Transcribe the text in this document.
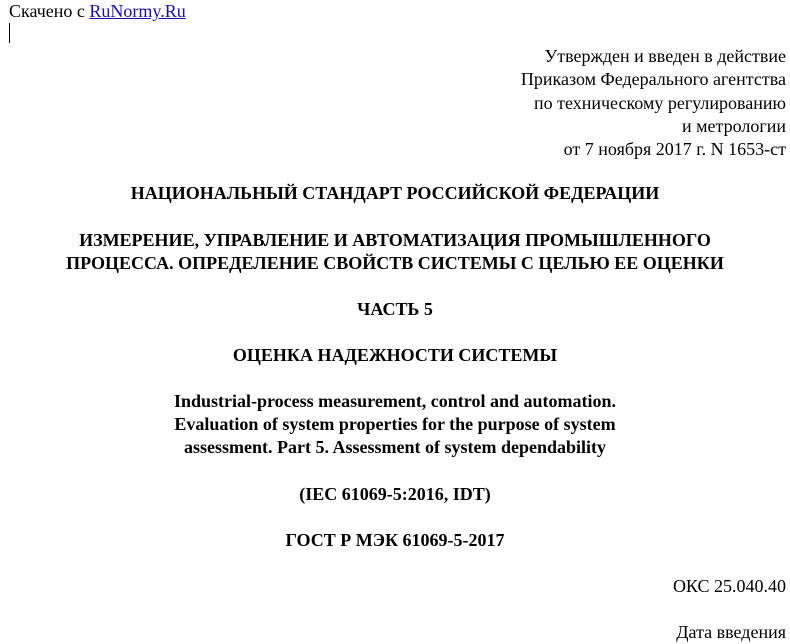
Скачено с RuNormy.Ru
Утвержден и введен в действие
Приказом Федерального агентства
по техническому регулированию
и метрологии
от 7 ноября 2017 г. N 1653-ст
НАЦИОНАЛЬНЫЙ СТАНДАРТ РОССИЙСКОЙ ФЕДЕРАЦИИ
ИЗМЕРЕНИЕ, УПРАВЛЕНИЕ И АВТОМАТИЗАЦИЯ ПРОМЫШЛЕННОГО
ПРОЦЕССА. ОПРЕДЕЛЕНИЕ СВОЙСТВ СИСТЕМЫ С ЦЕЛЬЮ ЕЕ ОЦЕНКИ
ЧАСТЬ 5
ОЦЕНКА НАДЕЖНОСТИ СИСТЕМЫ
Industrial-process measurement, control and automation.
Evaluation of system properties for the purpose of system
assessment. Part 5. Assessment of system dependability
(IEC 61069-5:2016, IDT)
ГОСТ Р МЭК 61069-5-2017
ОКС 25.040.40
Дата введения
